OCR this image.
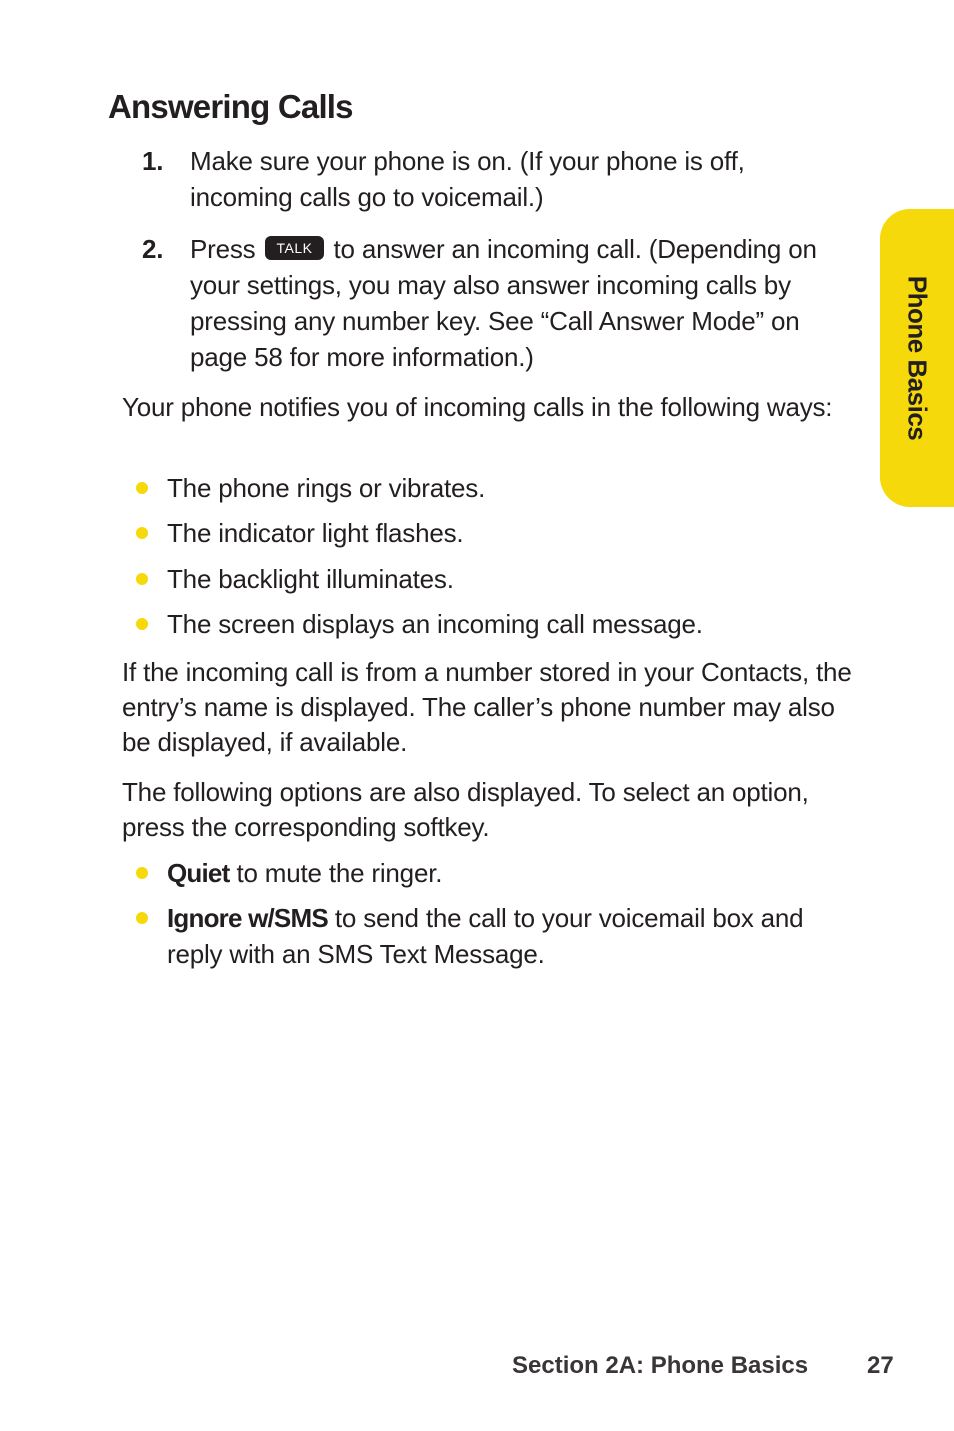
Answering Calls
1. Make sure your phone is on. (If your phone is off, incoming calls go to voicemail.)
2. Press TALK to answer an incoming call. (Depending on your settings, you may also answer incoming calls by pressing any number key. See “Call Answer Mode” on page 58 for more information.)
Your phone notifies you of incoming calls in the following ways:
The phone rings or vibrates.
The indicator light flashes.
The backlight illuminates.
The screen displays an incoming call message.
If the incoming call is from a number stored in your Contacts, the entry’s name is displayed. The caller’s phone number may also be displayed, if available.
The following options are also displayed. To select an option, press the corresponding softkey.
Quiet to mute the ringer.
Ignore w/SMS to send the call to your voicemail box and reply with an SMS Text Message.
Phone Basics
Section 2A: Phone Basics 27
